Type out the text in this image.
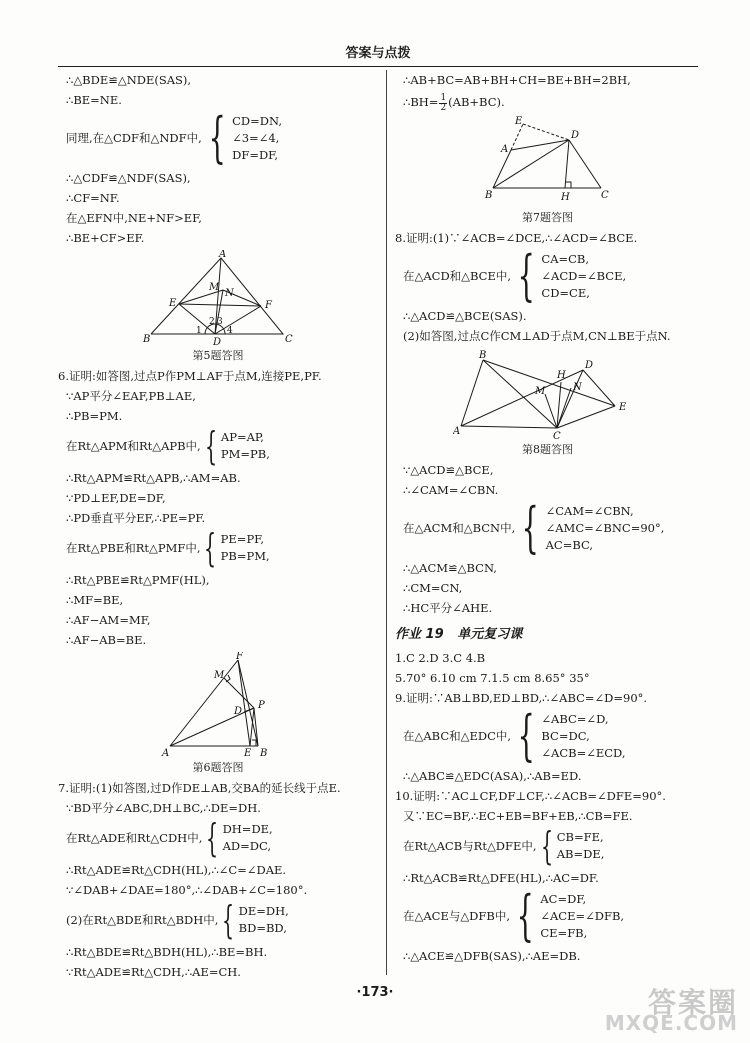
答案与点拨
∴△BDE≌△NDE(SAS),
∴BE=NE.
同理,在△CDF和△NDF中, { CD=DN,
∠3=∠4,
DF=DF,
∴△CDF≌△NDF(SAS),
∴CF=NF.
在△EFN中,NE+NF>EF,
∴BE+CF>EF.
A
M
E	F
N
B	C
D
1
2 3
4
第5题答图
6.证明:如答图,过点P作PM⊥AF于点M,连接PE,PF.
∵AP平分∠EAF,PB⊥AE,
∴PB=PM.
在Rt△APM和Rt△APB中, { AP=AP,
PM=PB,
∴Rt△APM≌Rt△APB,∴AM=AB.
∵PD⊥EF,DE=DF,
∴PD垂直平分EF,∴PE=PF.
在Rt△PBE和Rt△PMF中, { PE=PF,
PB=PM,
∴Rt△PBE≌Rt△PMF(HL),
∴MF=BE,
∴AF−AM=MF,
∴AF−AB=BE.
F
M
D
P
A	E B
第6题答图
7.证明:(1)如答图,过D作DE⊥AB,交BA的延长线于点E.
∵BD平分∠ABC,DH⊥BC,∴DE=DH.
在Rt△ADE和Rt△CDH中, { DH=DE,
AD=DC,
∴Rt△ADE≌Rt△CDH(HL),∴∠C=∠DAE.
∵∠DAB+∠DAE=180°,∴∠DAB+∠C=180°.
(2)在Rt△BDE和Rt△BDH中, { DE=DH,
BD=BD,
∴Rt△BDE≌Rt△BDH(HL),∴BE=BH.
∵Rt△ADE≌Rt△CDH,∴AE=CH.
∴AB+BC=AB+BH+CH=BE+BH=2BH,
∴BH= $\frac{1}{2} (AB+BC)$.
E
D
A
B	H	C
第7题答图
8.证明:(1)∵∠ACB=∠DCE,∴∠ACD=∠BCE.
在△ACD和△BCE中, { CA=CB,
∠ACD=∠BCE,
CD=CE,
∴△ACD≌△BCE(SAS).
(2)如答图,过点C作CM⊥AD于点M,CN⊥BE于点N.
B
H
D
M	N
E
A	C
第8题答图
∵△ACD≌△BCE,
∴∠CAM=∠CBN.
在△ACM和△BCN中, { ∠CAM=∠CBN,
∠AMC=∠BNC=90°,
AC=BC,
∴△ACM≌△BCN,
∴CM=CN,
∴HC平分∠AHE.
作业 19 单元复习课
1.C 2.D 3.C 4.B
5.70° 6.10 cm 7.1.5 cm 8.65° 35°
9.证明:∵AB⊥BD,ED⊥BD,∴∠ABC=∠D=90°.
在△ABC和△EDC中, { ∠ABC=∠D,
BC=DC,
∠ACB=∠ECD,
∴△ABC≌△EDC(ASA),∴AB=ED.
10.证明:∵AC⊥CF,DF⊥CF,∴∠ACB=∠DFE=90°.
又∵EC=BF,∴EC+EB=BF+EB,∴CB=FE.
在Rt△ACB与Rt△DFE中, { CB=FE,
AB=DE,
∴Rt△ACB≌Rt△DFE(HL),∴AC=DF.
在△ACE与△DFB中, { AC=DF,
∠ACE=∠DFB,
CE=FB,
∴△ACE≌△DFB(SAS),∴AE=DB.
·173·	答案圈
MXQE.COM
